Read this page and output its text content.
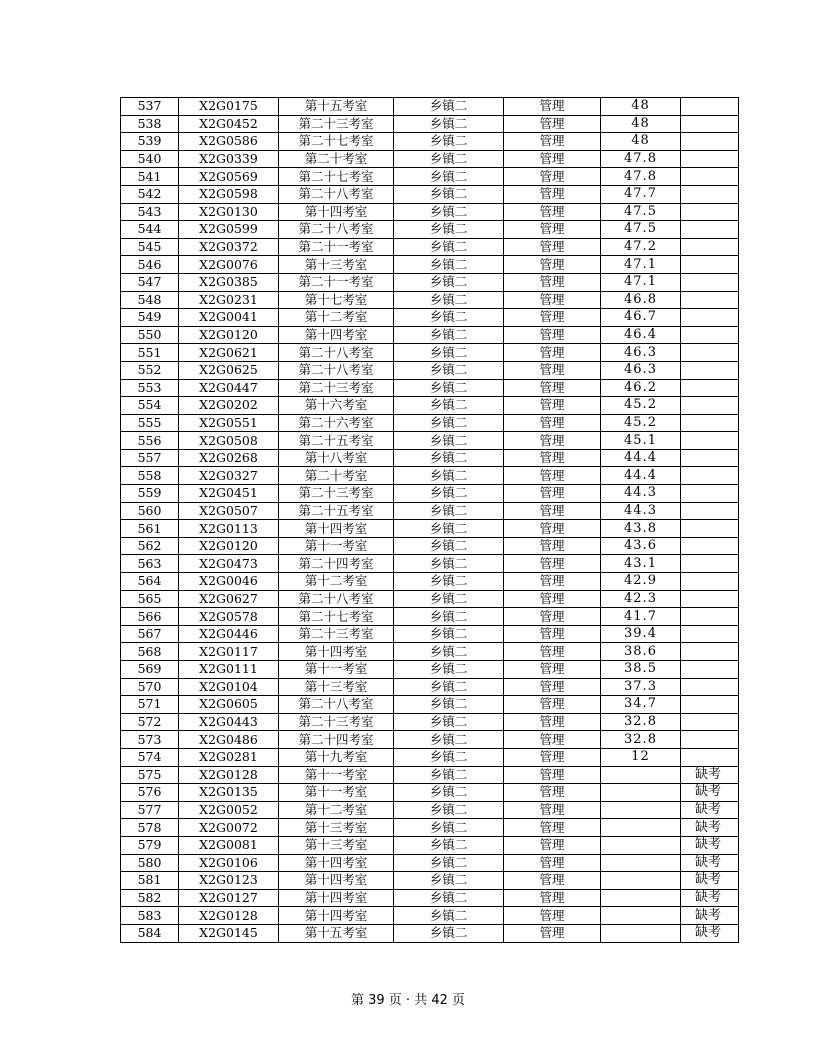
537	X2G0175	第十五考室	乡镇二	管理	48	
538	X2G0452	第二十三考室	乡镇二	管理	48	
539	X2G0586	第二十七考室	乡镇二	管理	48	
540	X2G0339	第二十考室	乡镇二	管理	47.8	
541	X2G0569	第二十七考室	乡镇二	管理	47.8	
542	X2G0598	第二十八考室	乡镇二	管理	47.7	
543	X2G0130	第十四考室	乡镇二	管理	47.5	
544	X2G0599	第二十八考室	乡镇二	管理	47.5	
545	X2G0372	第二十一考室	乡镇二	管理	47.2	
546	X2G0076	第十三考室	乡镇二	管理	47.1	
547	X2G0385	第二十一考室	乡镇二	管理	47.1	
548	X2G0231	第十七考室	乡镇二	管理	46.8	
549	X2G0041	第十二考室	乡镇二	管理	46.7	
550	X2G0120	第十四考室	乡镇二	管理	46.4	
551	X2G0621	第二十八考室	乡镇二	管理	46.3	
552	X2G0625	第二十八考室	乡镇二	管理	46.3	
553	X2G0447	第二十三考室	乡镇二	管理	46.2	
554	X2G0202	第十六考室	乡镇二	管理	45.2	
555	X2G0551	第二十六考室	乡镇二	管理	45.2	
556	X2G0508	第二十五考室	乡镇二	管理	45.1	
557	X2G0268	第十八考室	乡镇二	管理	44.4	
558	X2G0327	第二十考室	乡镇二	管理	44.4	
559	X2G0451	第二十三考室	乡镇二	管理	44.3	
560	X2G0507	第二十五考室	乡镇二	管理	44.3	
561	X2G0113	第十四考室	乡镇二	管理	43.8	
562	X2G0120	第十一考室	乡镇二	管理	43.6	
563	X2G0473	第二十四考室	乡镇二	管理	43.1	
564	X2G0046	第十二考室	乡镇二	管理	42.9	
565	X2G0627	第二十八考室	乡镇二	管理	42.3	
566	X2G0578	第二十七考室	乡镇二	管理	41.7	
567	X2G0446	第二十三考室	乡镇二	管理	39.4	
568	X2G0117	第十四考室	乡镇二	管理	38.6	
569	X2G0111	第十一考室	乡镇二	管理	38.5	
570	X2G0104	第十三考室	乡镇二	管理	37.3	
571	X2G0605	第二十八考室	乡镇二	管理	34.7	
572	X2G0443	第二十三考室	乡镇二	管理	32.8	
573	X2G0486	第二十四考室	乡镇二	管理	32.8	
574	X2G0281	第十九考室	乡镇二	管理	12	
575	X2G0128	第十一考室	乡镇二	管理		缺考
576	X2G0135	第十一考室	乡镇二	管理		缺考
577	X2G0052	第十二考室	乡镇二	管理		缺考
578	X2G0072	第十三考室	乡镇二	管理		缺考
579	X2G0081	第十三考室	乡镇二	管理		缺考
580	X2G0106	第十四考室	乡镇二	管理		缺考
581	X2G0123	第十四考室	乡镇二	管理		缺考
582	X2G0127	第十四考室	乡镇二	管理		缺考
583	X2G0128	第十四考室	乡镇二	管理		缺考
584	X2G0145	第十五考室	乡镇二	管理		缺考
第 39 页 · 共 42 页
